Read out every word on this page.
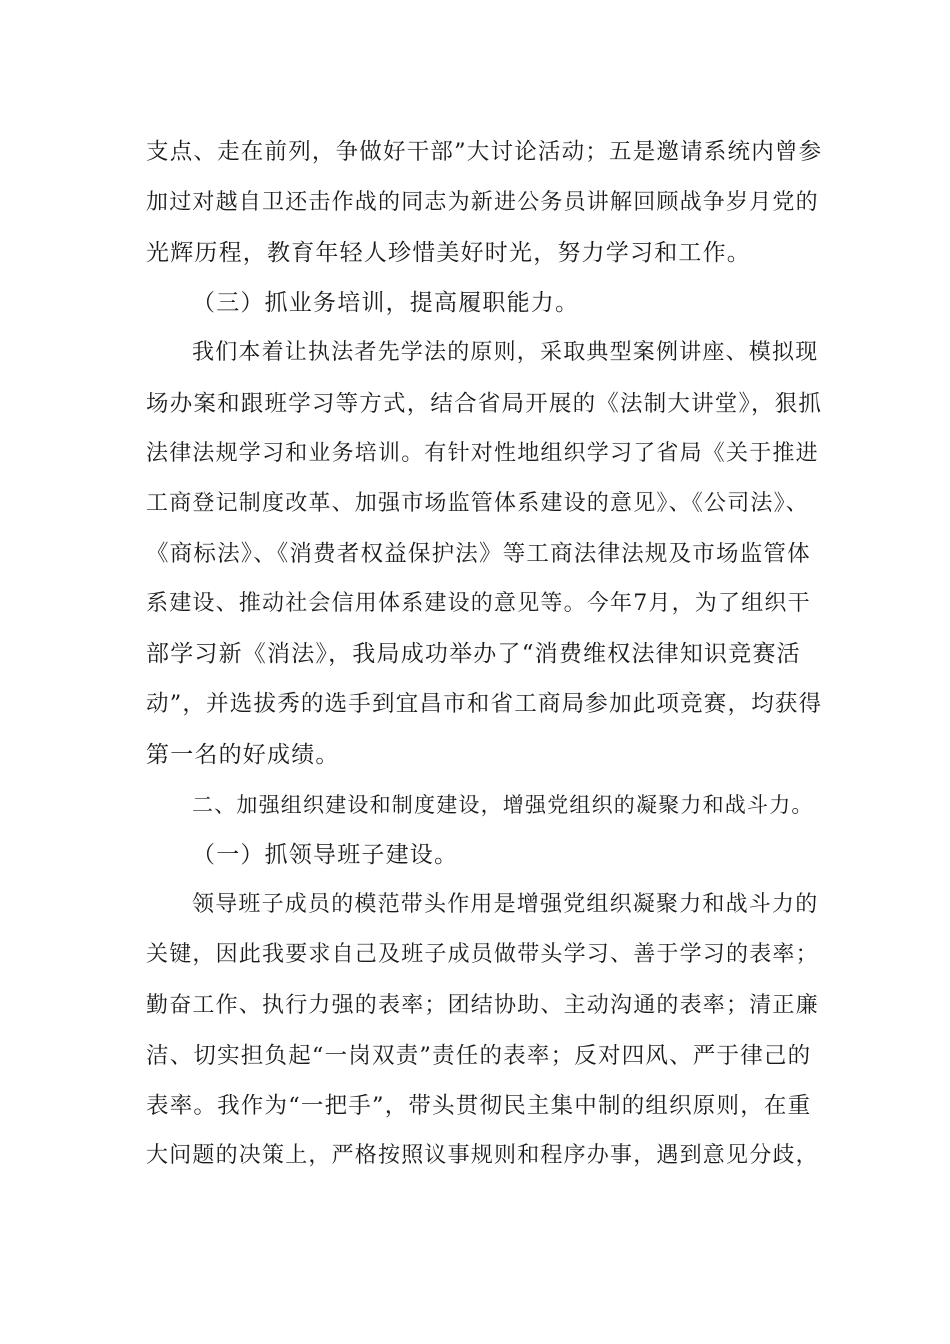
支点、走在前列，争做好干部”大讨论活动；五是邀请系统内曾参

加过对越自卫还击作战的同志为新进公务员讲解回顾战争岁月党的

光辉历程，教育年轻人珍惜美好时光，努力学习和工作。

（三）抓业务培训，提高履职能力。

我们本着让执法者先学法的原则，采取典型案例讲座、模拟现

场办案和跟班学习等方式，结合省局开展的《法制大讲堂》，狠抓

法律法规学习和业务培训。有针对性地组织学习了省局《关于推进

工商登记制度改革、加强市场监管体系建设的意见》、《公司法》、

《商标法》、《消费者权益保护法》等工商法律法规及市场监管体

系建设、推动社会信用体系建设的意见等。今年7月，为了组织干

部学习新《消法》，我局成功举办了“消费维权法律知识竞赛活

动”，并选拔秀的选手到宜昌市和省工商局参加此项竞赛，均获得

第一名的好成绩。

二、加强组织建设和制度建设，增强党组织的凝聚力和战斗力。

（一）抓领导班子建设。

领导班子成员的模范带头作用是增强党组织凝聚力和战斗力的

关键，因此我要求自己及班子成员做带头学习、善于学习的表率；

勤奋工作、执行力强的表率；团结协助、主动沟通的表率；清正廉

洁、切实担负起“一岗双责”责任的表率；反对四风、严于律己的

表率。我作为“一把手”，带头贯彻民主集中制的组织原则，在重

大问题的决策上，严格按照议事规则和程序办事，遇到意见分歧，
